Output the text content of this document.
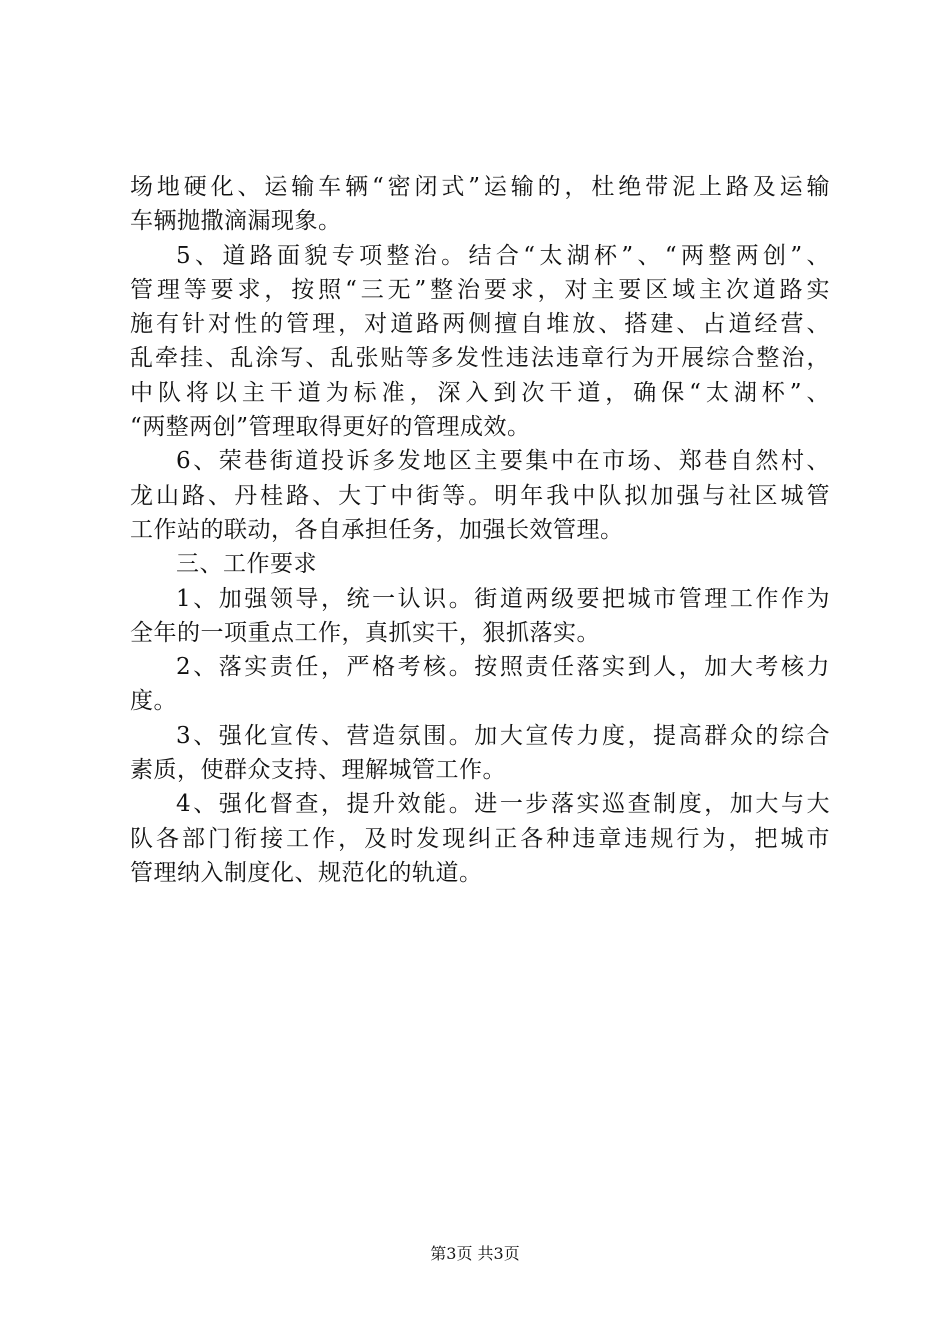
场地硬化、运输车辆“密闭式”运输的，杜绝带泥上路及运输
车辆抛撒滴漏现象。
5、道路面貌专项整治。结合“太湖杯”、“两整两创”、
管理等要求，按照“三无”整治要求，对主要区域主次道路实
施有针对性的管理，对道路两侧擅自堆放、搭建、占道经营、
乱牵挂、乱涂写、乱张贴等多发性违法违章行为开展综合整治，
中队将以主干道为标准，深入到次干道，确保“太湖杯”、
“两整两创”管理取得更好的管理成效。
6、荣巷街道投诉多发地区主要集中在市场、郑巷自然村、
龙山路、丹桂路、大丁中街等。明年我中队拟加强与社区城管
工作站的联动，各自承担任务，加强长效管理。
三、工作要求
1、加强领导，统一认识。街道两级要把城市管理工作作为
全年的一项重点工作，真抓实干，狠抓落实。
2、落实责任，严格考核。按照责任落实到人，加大考核力
度。
3、强化宣传、营造氛围。加大宣传力度，提高群众的综合
素质，使群众支持、理解城管工作。
4、强化督查，提升效能。进一步落实巡查制度，加大与大
队各部门衔接工作，及时发现纠正各种违章违规行为，把城市
管理纳入制度化、规范化的轨道。
第3页 共3页
